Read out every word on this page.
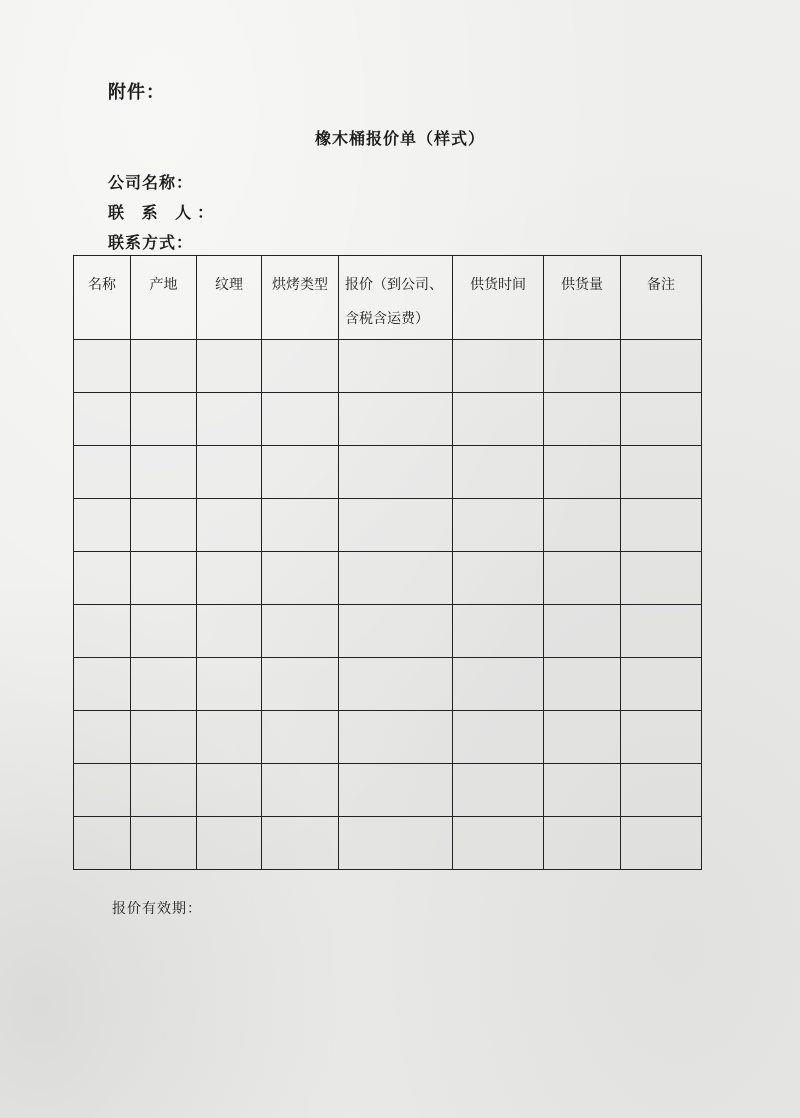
附件：
橡木桶报价单（样式）
公司名称：
联 系 人：
联系方式：
名称	产地	纹理	烘烤类型	报价（到公司、含税含运费）	供货时间	供货量	备注

报价有效期：
